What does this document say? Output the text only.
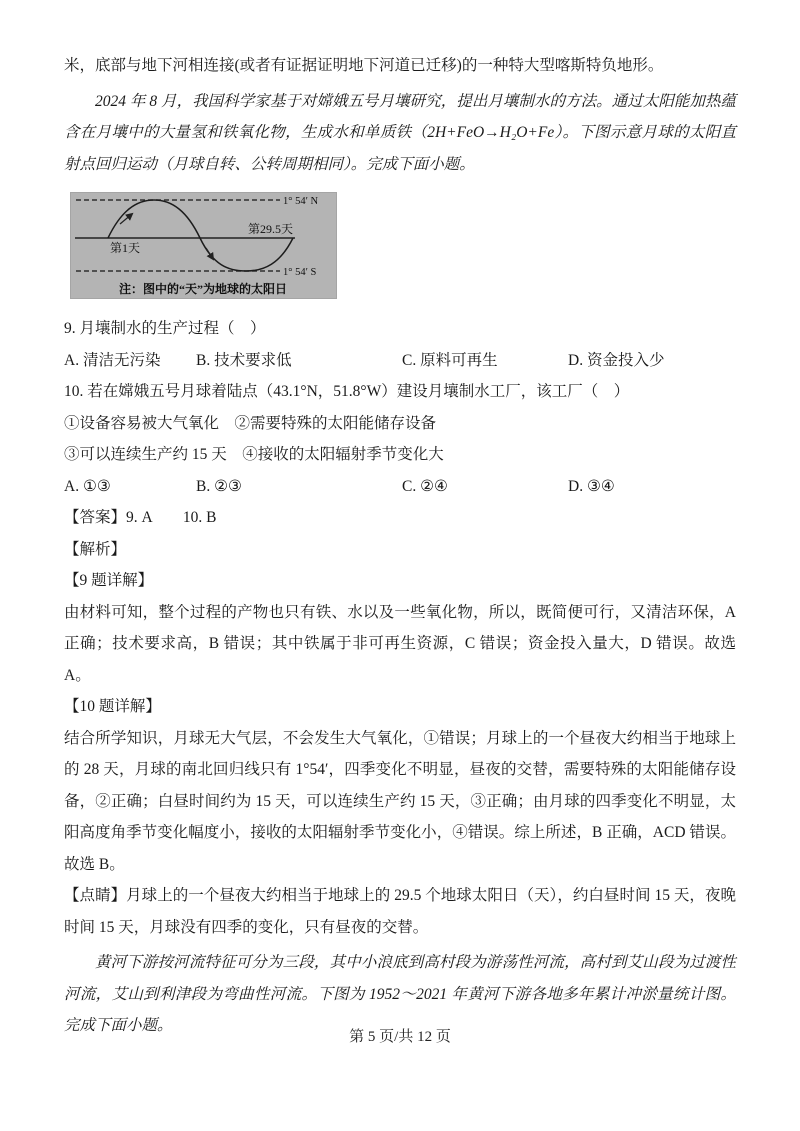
米，底部与地下河相连接(或者有证据证明地下河道已迁移)的一种特大型喀斯特负地形。

2024 年 8 月，我国科学家基于对嫦娥五号月壤研究，提出月壤制水的方法。通过太阳能加热蕴含在月壤中的大量氢和铁氧化物，生成水和单质铁（2H+FeO→H₂O+Fe）。下图示意月球的太阳直射点回归运动（月球自转、公转周期相同）。完成下面小题。

1° 54′ N
1° 54′ S
第1天
第29.5天
注：图中的“天”为地球的太阳日

9. 月壤制水的生产过程（　）

A. 清洁无污染	B. 技术要求低	C. 原料可再生	D. 资金投入少

10. 若在嫦娥五号月球着陆点（43.1°N，51.8°W）建设月壤制水工厂，该工厂（　）

①设备容易被大气氧化　②需要特殊的太阳能储存设备

③可以连续生产约 15 天　④接收的太阳辐射季节变化大

A. ①③	B. ②③	C. ②④	D. ③④

【答案】9. A　　10. B

【解析】

【9 题详解】

由材料可知，整个过程的产物也只有铁、水以及一些氧化物，所以，既简便可行，又清洁环保，A 正确；技术要求高，B 错误；其中铁属于非可再生资源，C 错误；资金投入量大，D 错误。故选 A。

【10 题详解】

结合所学知识，月球无大气层，不会发生大气氧化，①错误；月球上的一个昼夜大约相当于地球上的 28 天，月球的南北回归线只有 1°54′，四季变化不明显，昼夜的交替，需要特殊的太阳能储存设备，②正确；白昼时间约为 15 天，可以连续生产约 15 天，③正确；由月球的四季变化不明显，太阳高度角季节变化幅度小，接收的太阳辐射季节变化小，④错误。综上所述，B 正确，ACD 错误。故选 B。

【点睛】月球上的一个昼夜大约相当于地球上的 29.5 个地球太阳日（天），约白昼时间 15 天，夜晚时间 15 天，月球没有四季的变化，只有昼夜的交替。

黄河下游按河流特征可分为三段，其中小浪底到高村段为游荡性河流，高村到艾山段为过渡性河流，艾山到利津段为弯曲性河流。下图为 1952～2021 年黄河下游各地多年累计冲淤量统计图。完成下面小题。

第 5 页/共 12 页
